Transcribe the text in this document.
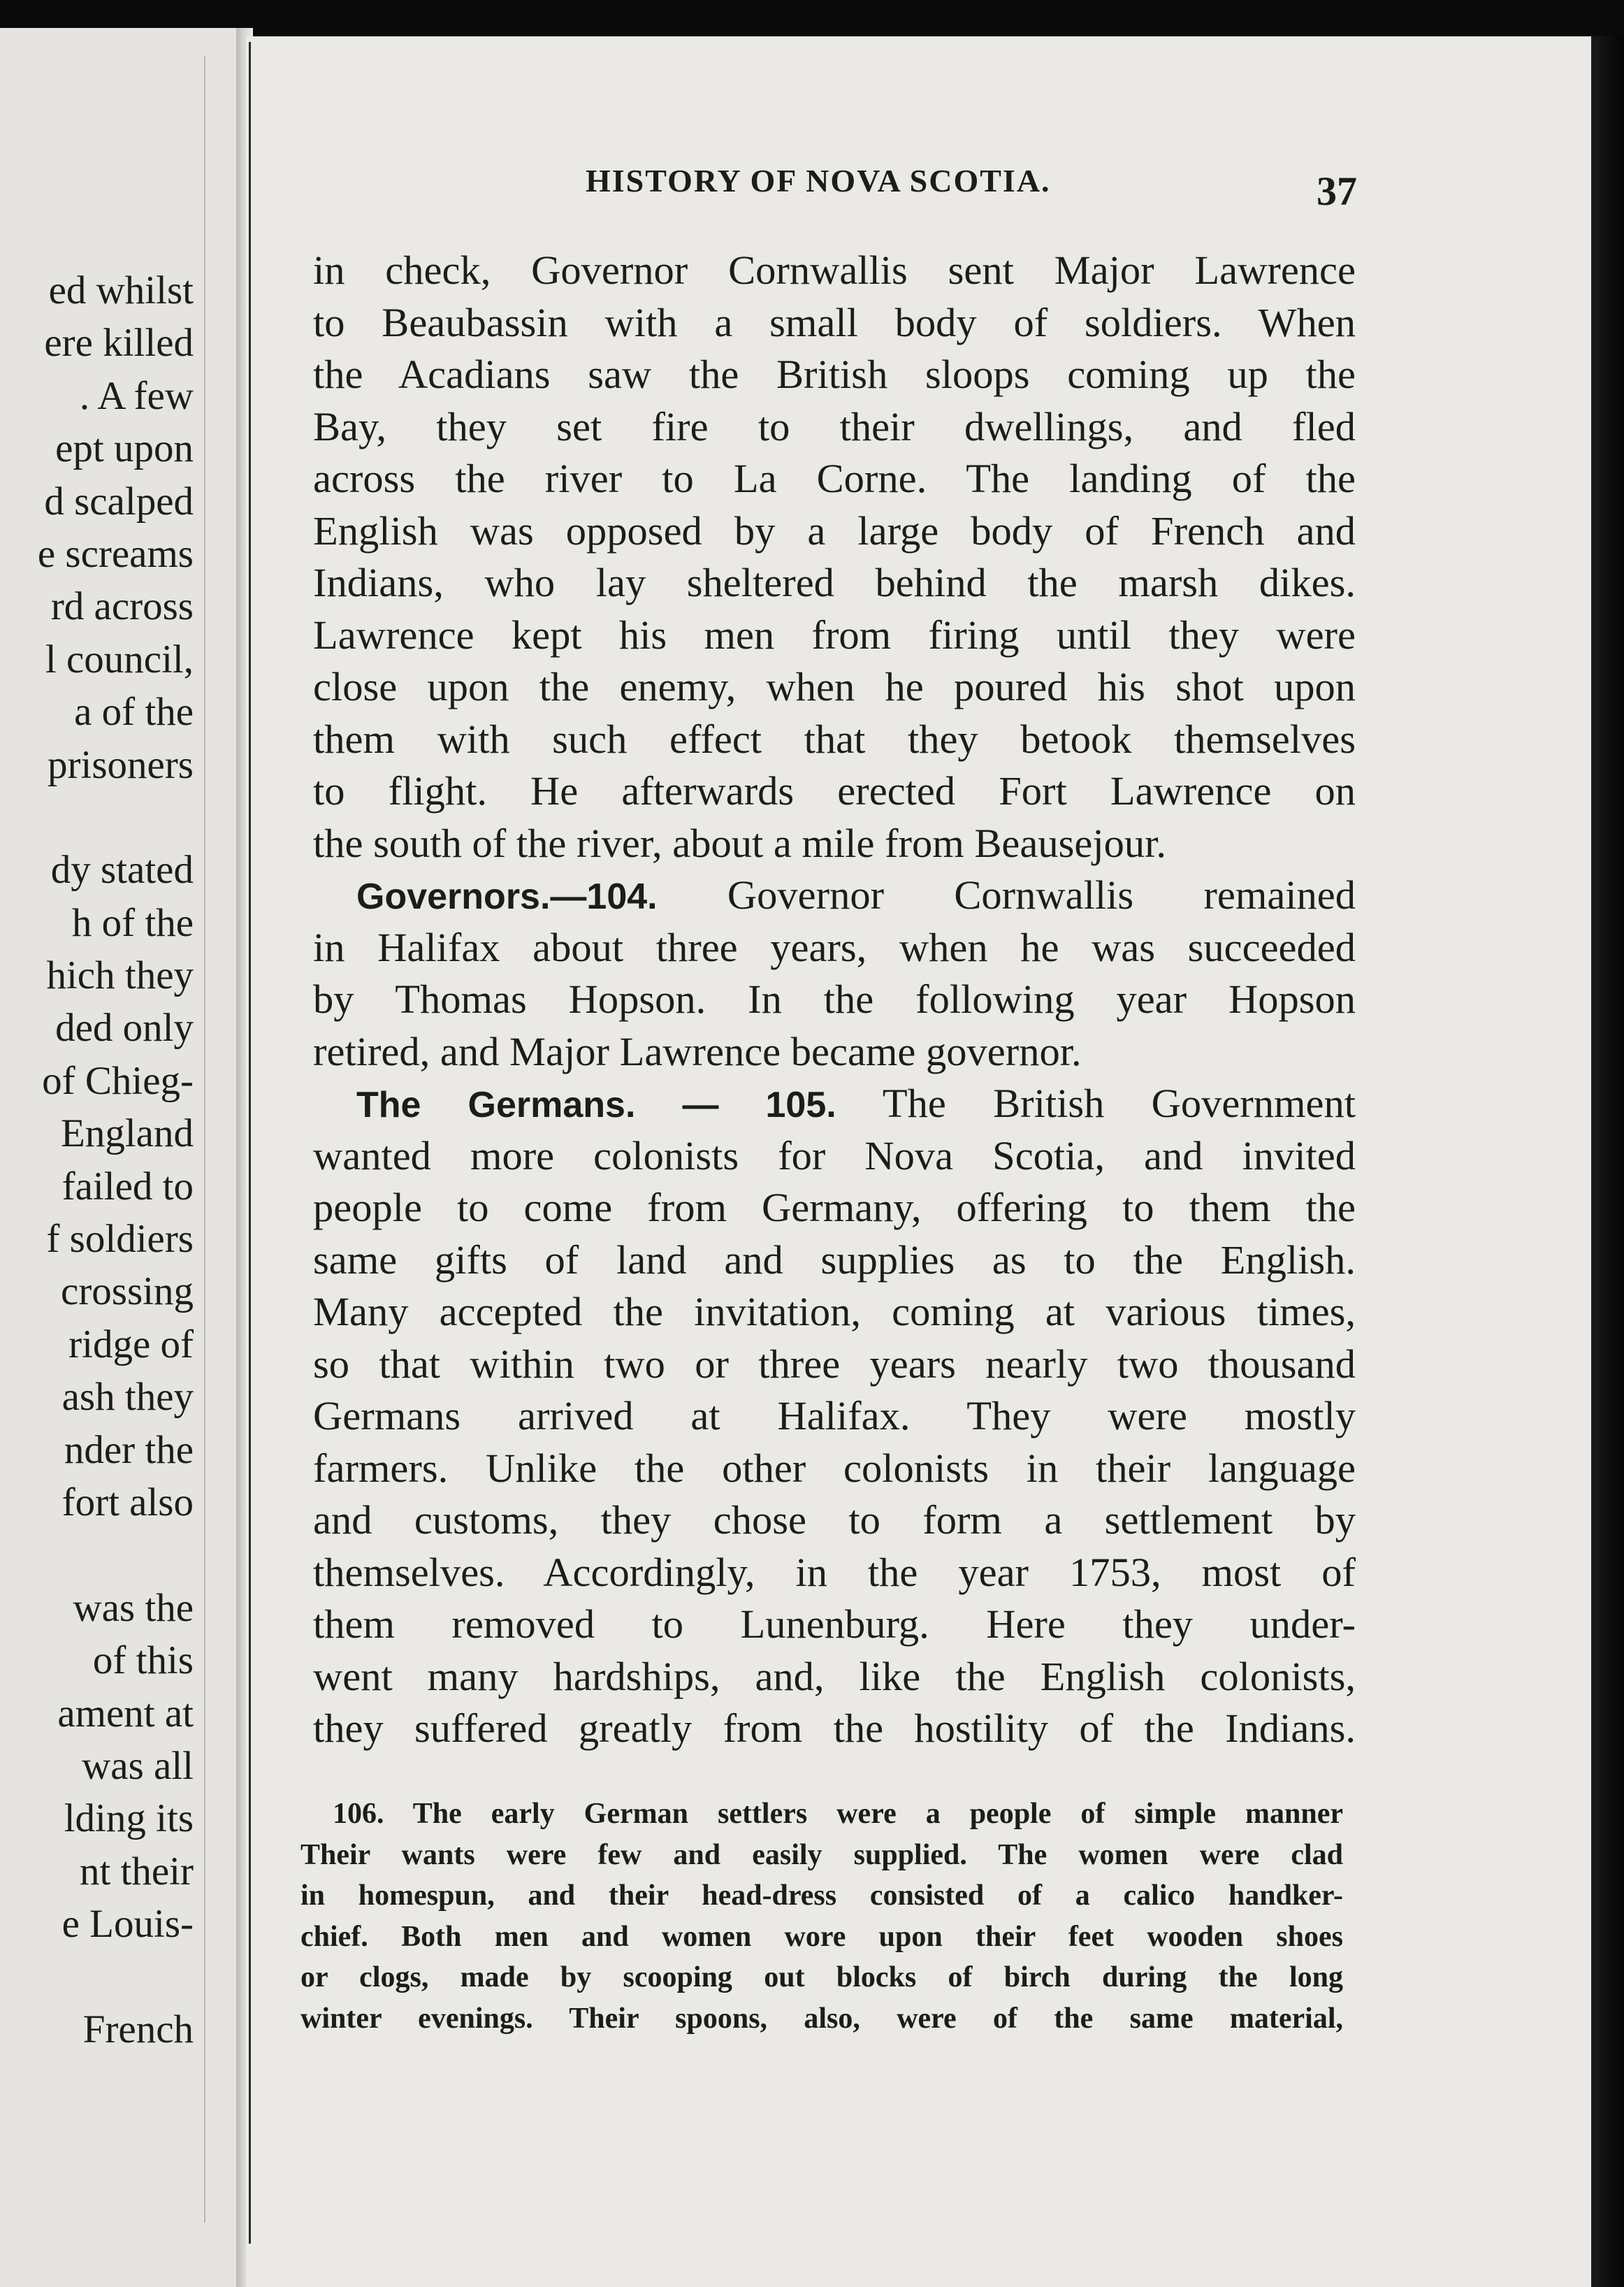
ed whilst
ere killed
. A few
ept upon
d scalped
e screams
rd across
l council,
a of the
prisoners
dy stated
h of the
hich they
ded only
of Chieg-
England
failed to
f soldiers
crossing
ridge of
ash they
nder the
fort also
was the
of this
ament at
was all
lding its
nt their
e Louis-
French
HISTORY OF NOVA SCOTIA.	37
in check, Governor Cornwallis sent Major Lawrence
to Beaubassin with a small body of soldiers. When
the Acadians saw the British sloops coming up the
Bay, they set fire to their dwellings, and fled
across the river to La Corne. The landing of the
English was opposed by a large body of French and
Indians, who lay sheltered behind the marsh dikes.
Lawrence kept his men from firing until they were
close upon the enemy, when he poured his shot upon
them with such effect that they betook themselves
to flight. He afterwards erected Fort Lawrence on
the south of the river, about a mile from Beausejour.
Governors.—104. Governor Cornwallis remained
in Halifax about three years, when he was succeeded
by Thomas Hopson. In the following year Hopson
retired, and Major Lawrence became governor.
The Germans. — 105. The British Government
wanted more colonists for Nova Scotia, and invited
people to come from Germany, offering to them the
same gifts of land and supplies as to the English.
Many accepted the invitation, coming at various times,
so that within two or three years nearly two thousand
Germans arrived at Halifax. They were mostly
farmers. Unlike the other colonists in their language
and customs, they chose to form a settlement by
themselves. Accordingly, in the year 1753, most of
them removed to Lunenburg. Here they under-
went many hardships, and, like the English colonists,
they suffered greatly from the hostility of the Indians.
106. The early German settlers were a people of simple manner
Their wants were few and easily supplied. The women were clad
in homespun, and their head-dress consisted of a calico handker-
chief. Both men and women wore upon their feet wooden shoes
or clogs, made by scooping out blocks of birch during the long
winter evenings. Their spoons, also, were of the same material,
